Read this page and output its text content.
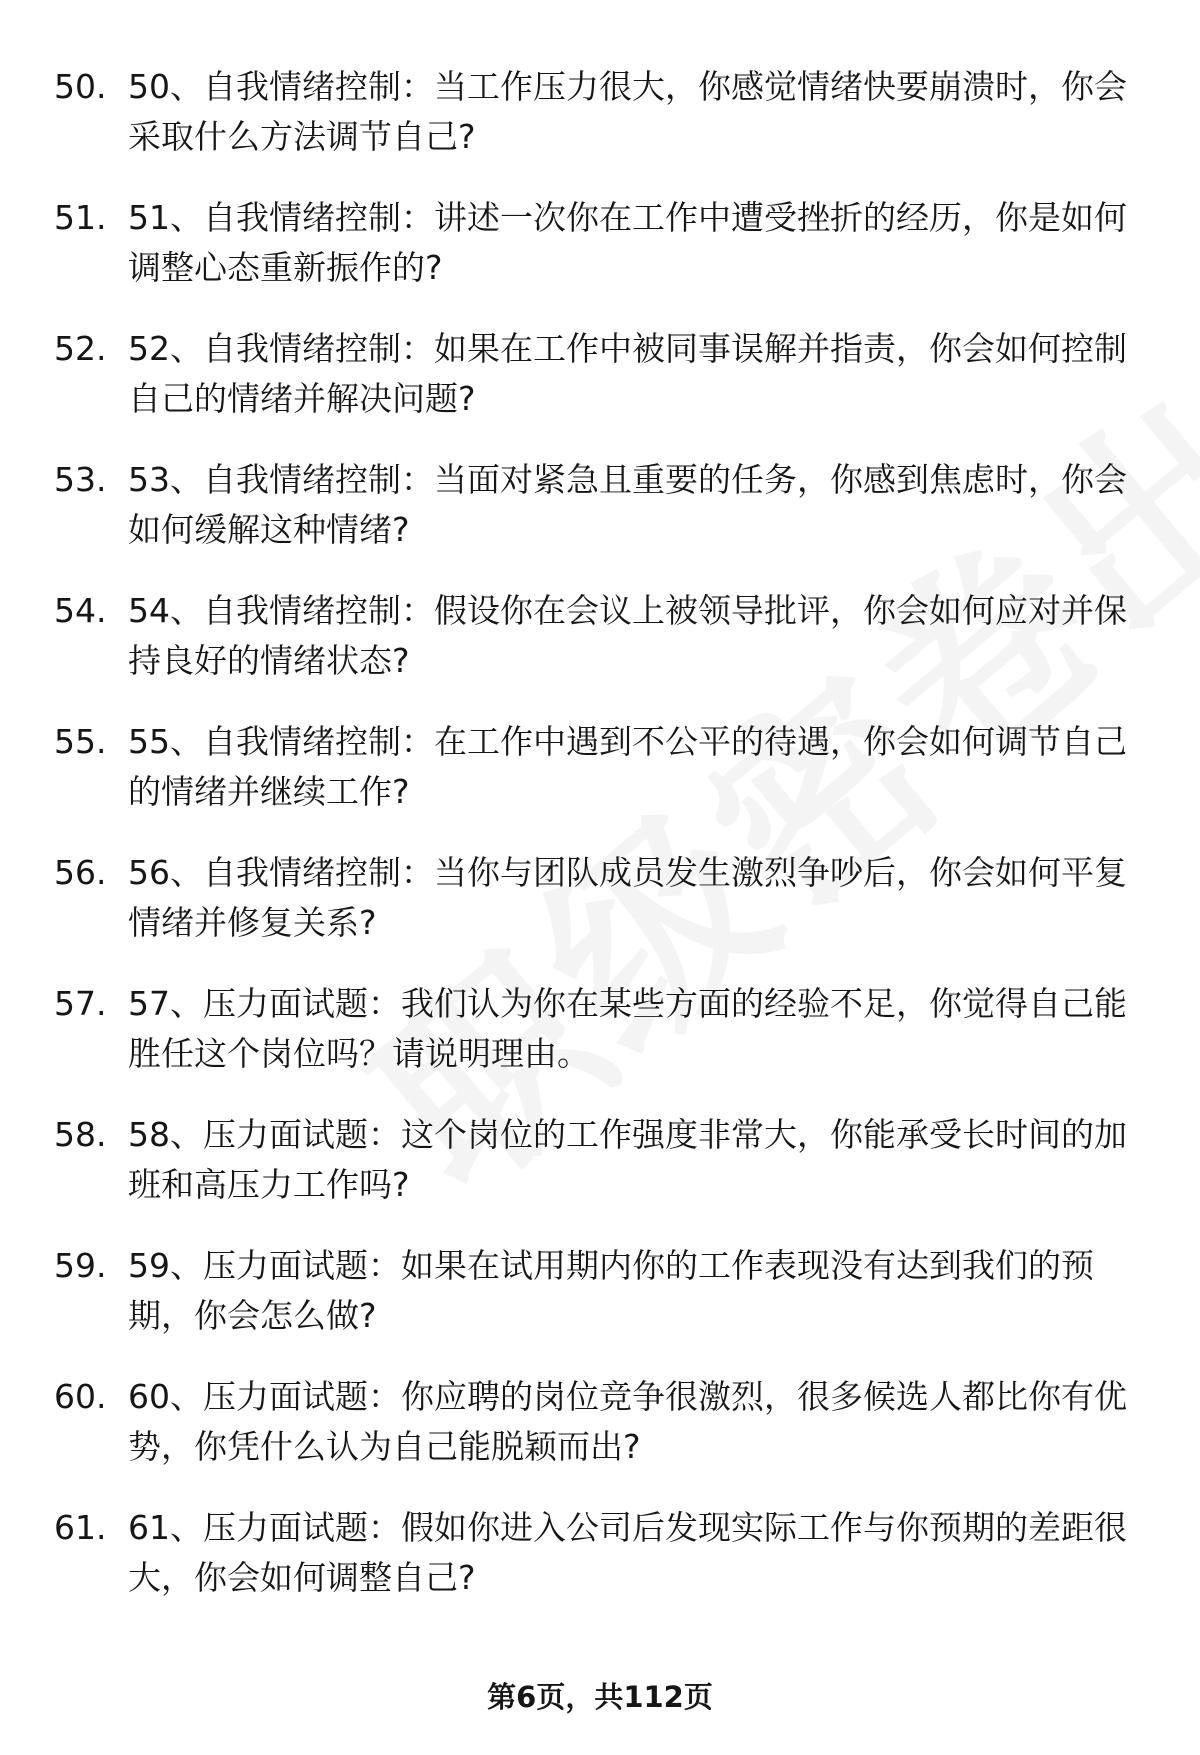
50. 50、自我情绪控制：当工作压力很大，你感觉情绪快要崩溃时，你会采取什么方法调节自己?
51. 51、自我情绪控制：讲述一次你在工作中遭受挫折的经历，你是如何调整心态重新振作的?
52. 52、自我情绪控制：如果在工作中被同事误解并指责，你会如何控制自己的情绪并解决问题?
53. 53、自我情绪控制：当面对紧急且重要的任务，你感到焦虑时，你会如何缓解这种情绪?
54. 54、自我情绪控制：假设你在会议上被领导批评，你会如何应对并保持良好的情绪状态?
55. 55、自我情绪控制：在工作中遇到不公平的待遇，你会如何调节自己的情绪并继续工作?
56. 56、自我情绪控制：当你与团队成员发生激烈争吵后，你会如何平复情绪并修复关系?
57. 57、压力面试题：我们认为你在某些方面的经验不足，你觉得自己能胜任这个岗位吗？请说明理由。
58. 58、压力面试题：这个岗位的工作强度非常大，你能承受长时间的加班和高压力工作吗?
59. 59、压力面试题：如果在试用期内你的工作表现没有达到我们的预期，你会怎么做?
60. 60、压力面试题：你应聘的岗位竞争很激烈，很多候选人都比你有优势，你凭什么认为自己能脱颖而出?
61. 61、压力面试题：假如你进入公司后发现实际工作与你预期的差距很大，你会如何调整自己?
第6页，共112页
